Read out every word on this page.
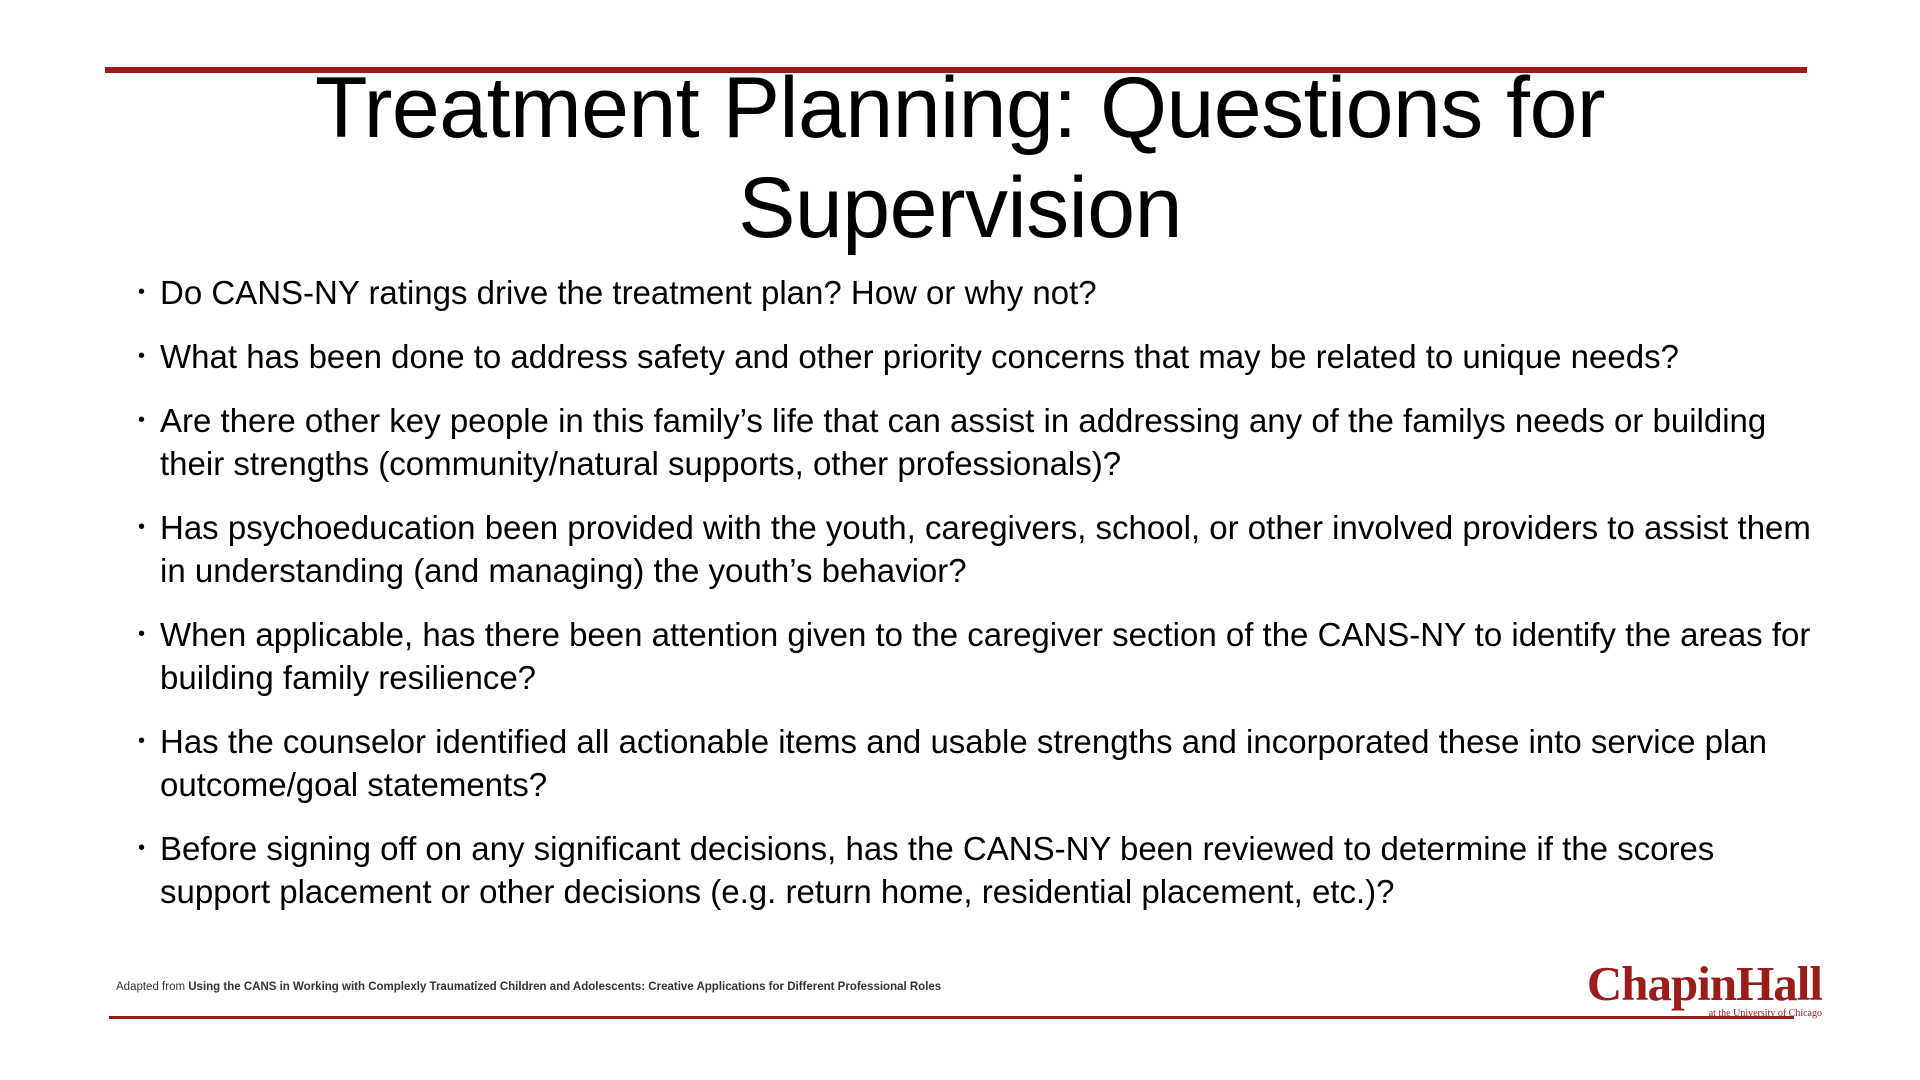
Treatment Planning: Questions for Supervision
• Do CANS-NY ratings drive the treatment plan? How or why not?
• What has been done to address safety and other priority concerns that may be related to unique needs?
• Are there other key people in this family’s life that can assist in addressing any of the familys needs or building their strengths (community/natural supports, other professionals)?
• Has psychoeducation been provided with the youth, caregivers, school, or other involved providers to assist them in understanding (and managing) the youth’s behavior?
• When applicable, has there been attention given to the caregiver section of the CANS-NY to identify the areas for building family resilience?
• Has the counselor identified all actionable items and usable strengths and incorporated these into service plan outcome/goal statements?
• Before signing off on any significant decisions, has the CANS-NY been reviewed to determine if the scores support placement or other decisions (e.g. return home, residential placement, etc.)?
Adapted from Using the CANS in Working with Complexly Traumatized Children and Adolescents: Creative Applications for Different Professional Roles	ChapinHall
at the University of Chicago
